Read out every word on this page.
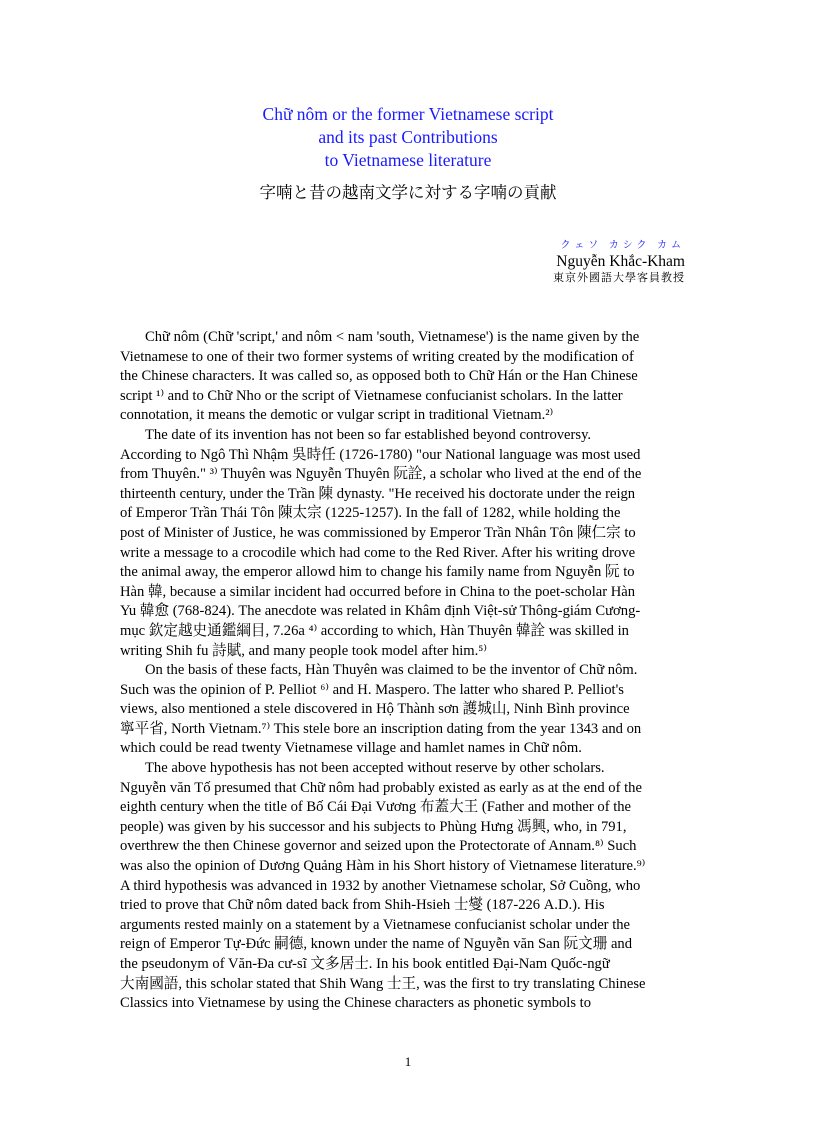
Chữ nôm or the former Vietnamese script
and its past Contributions
to Vietnamese literature
字喃と昔の越南文学に対する字喃の貢献
クェソ カシク カム
Nguyễn Khắc-Kham
東京外國語大學客員教授
Chữ nôm (Chữ 'script,' and nôm < nam 'south, Vietnamese') is the name given by the
Vietnamese to one of their two former systems of writing created by the modification of
the Chinese characters. It was called so, as opposed both to Chữ Hán or the Han Chinese
script ¹⁾ and to Chữ Nho or the script of Vietnamese confucianist scholars. In the latter
connotation, it means the demotic or vulgar script in traditional Vietnam.²⁾
The date of its invention has not been so far established beyond controversy.
According to Ngô Thì Nhậm 吳時任 (1726-1780) "our National language was most used
from Thuyên." ³⁾ Thuyên was Nguyễn Thuyên 阮詮, a scholar who lived at the end of the
thirteenth century, under the Trần 陳 dynasty. "He received his doctorate under the reign
of Emperor Trần Thái Tôn 陳太宗 (1225-1257). In the fall of 1282, while holding the
post of Minister of Justice, he was commissioned by Emperor Trần Nhân Tôn 陳仁宗 to
write a message to a crocodile which had come to the Red River. After his writing drove
the animal away, the emperor allowd him to change his family name from Nguyễn 阮 to
Hàn 韓, because a similar incident had occurred before in China to the poet-scholar Hàn
Yu 韓愈 (768-824). The anecdote was related in Khâm định Việt-sử Thông-giám Cương-
mục 欽定越史通鑑綱目, 7.26a ⁴⁾ according to which, Hàn Thuyên 韓詮 was skilled in
writing Shih fu 詩賦, and many people took model after him.⁵⁾
On the basis of these facts, Hàn Thuyên was claimed to be the inventor of Chữ nôm.
Such was the opinion of P. Pelliot ⁶⁾ and H. Maspero. The latter who shared P. Pelliot's
views, also mentioned a stele discovered in Hộ Thành sơn 護城山, Ninh Bình province
寧平省, North Vietnam.⁷⁾ This stele bore an inscription dating from the year 1343 and on
which could be read twenty Vietnamese village and hamlet names in Chữ nôm.
The above hypothesis has not been accepted without reserve by other scholars.
Nguyễn văn Tố presumed that Chữ nôm had probably existed as early as at the end of the
eighth century when the title of Bố Cái Đại Vương 布蓋大王 (Father and mother of the
people) was given by his successor and his subjects to Phùng Hưng 馮興, who, in 791,
overthrew the then Chinese governor and seized upon the Protectorate of Annam.⁸⁾ Such
was also the opinion of Dương Quảng Hàm in his Short history of Vietnamese literature.⁹⁾
A third hypothesis was advanced in 1932 by another Vietnamese scholar, Sở Cuồng, who
tried to prove that Chữ nôm dated back from Shih-Hsieh 士燮 (187-226 A.D.). His
arguments rested mainly on a statement by a Vietnamese confucianist scholar under the
reign of Emperor Tự-Đức 嗣德, known under the name of Nguyễn văn San 阮文珊 and
the pseudonym of Văn-Đa cư-sĩ 文多居士. In his book entitled Đại-Nam Quốc-ngữ
大南國語, this scholar stated that Shih Wang 士王, was the first to try translating Chinese
Classics into Vietnamese by using the Chinese characters as phonetic symbols to
1
